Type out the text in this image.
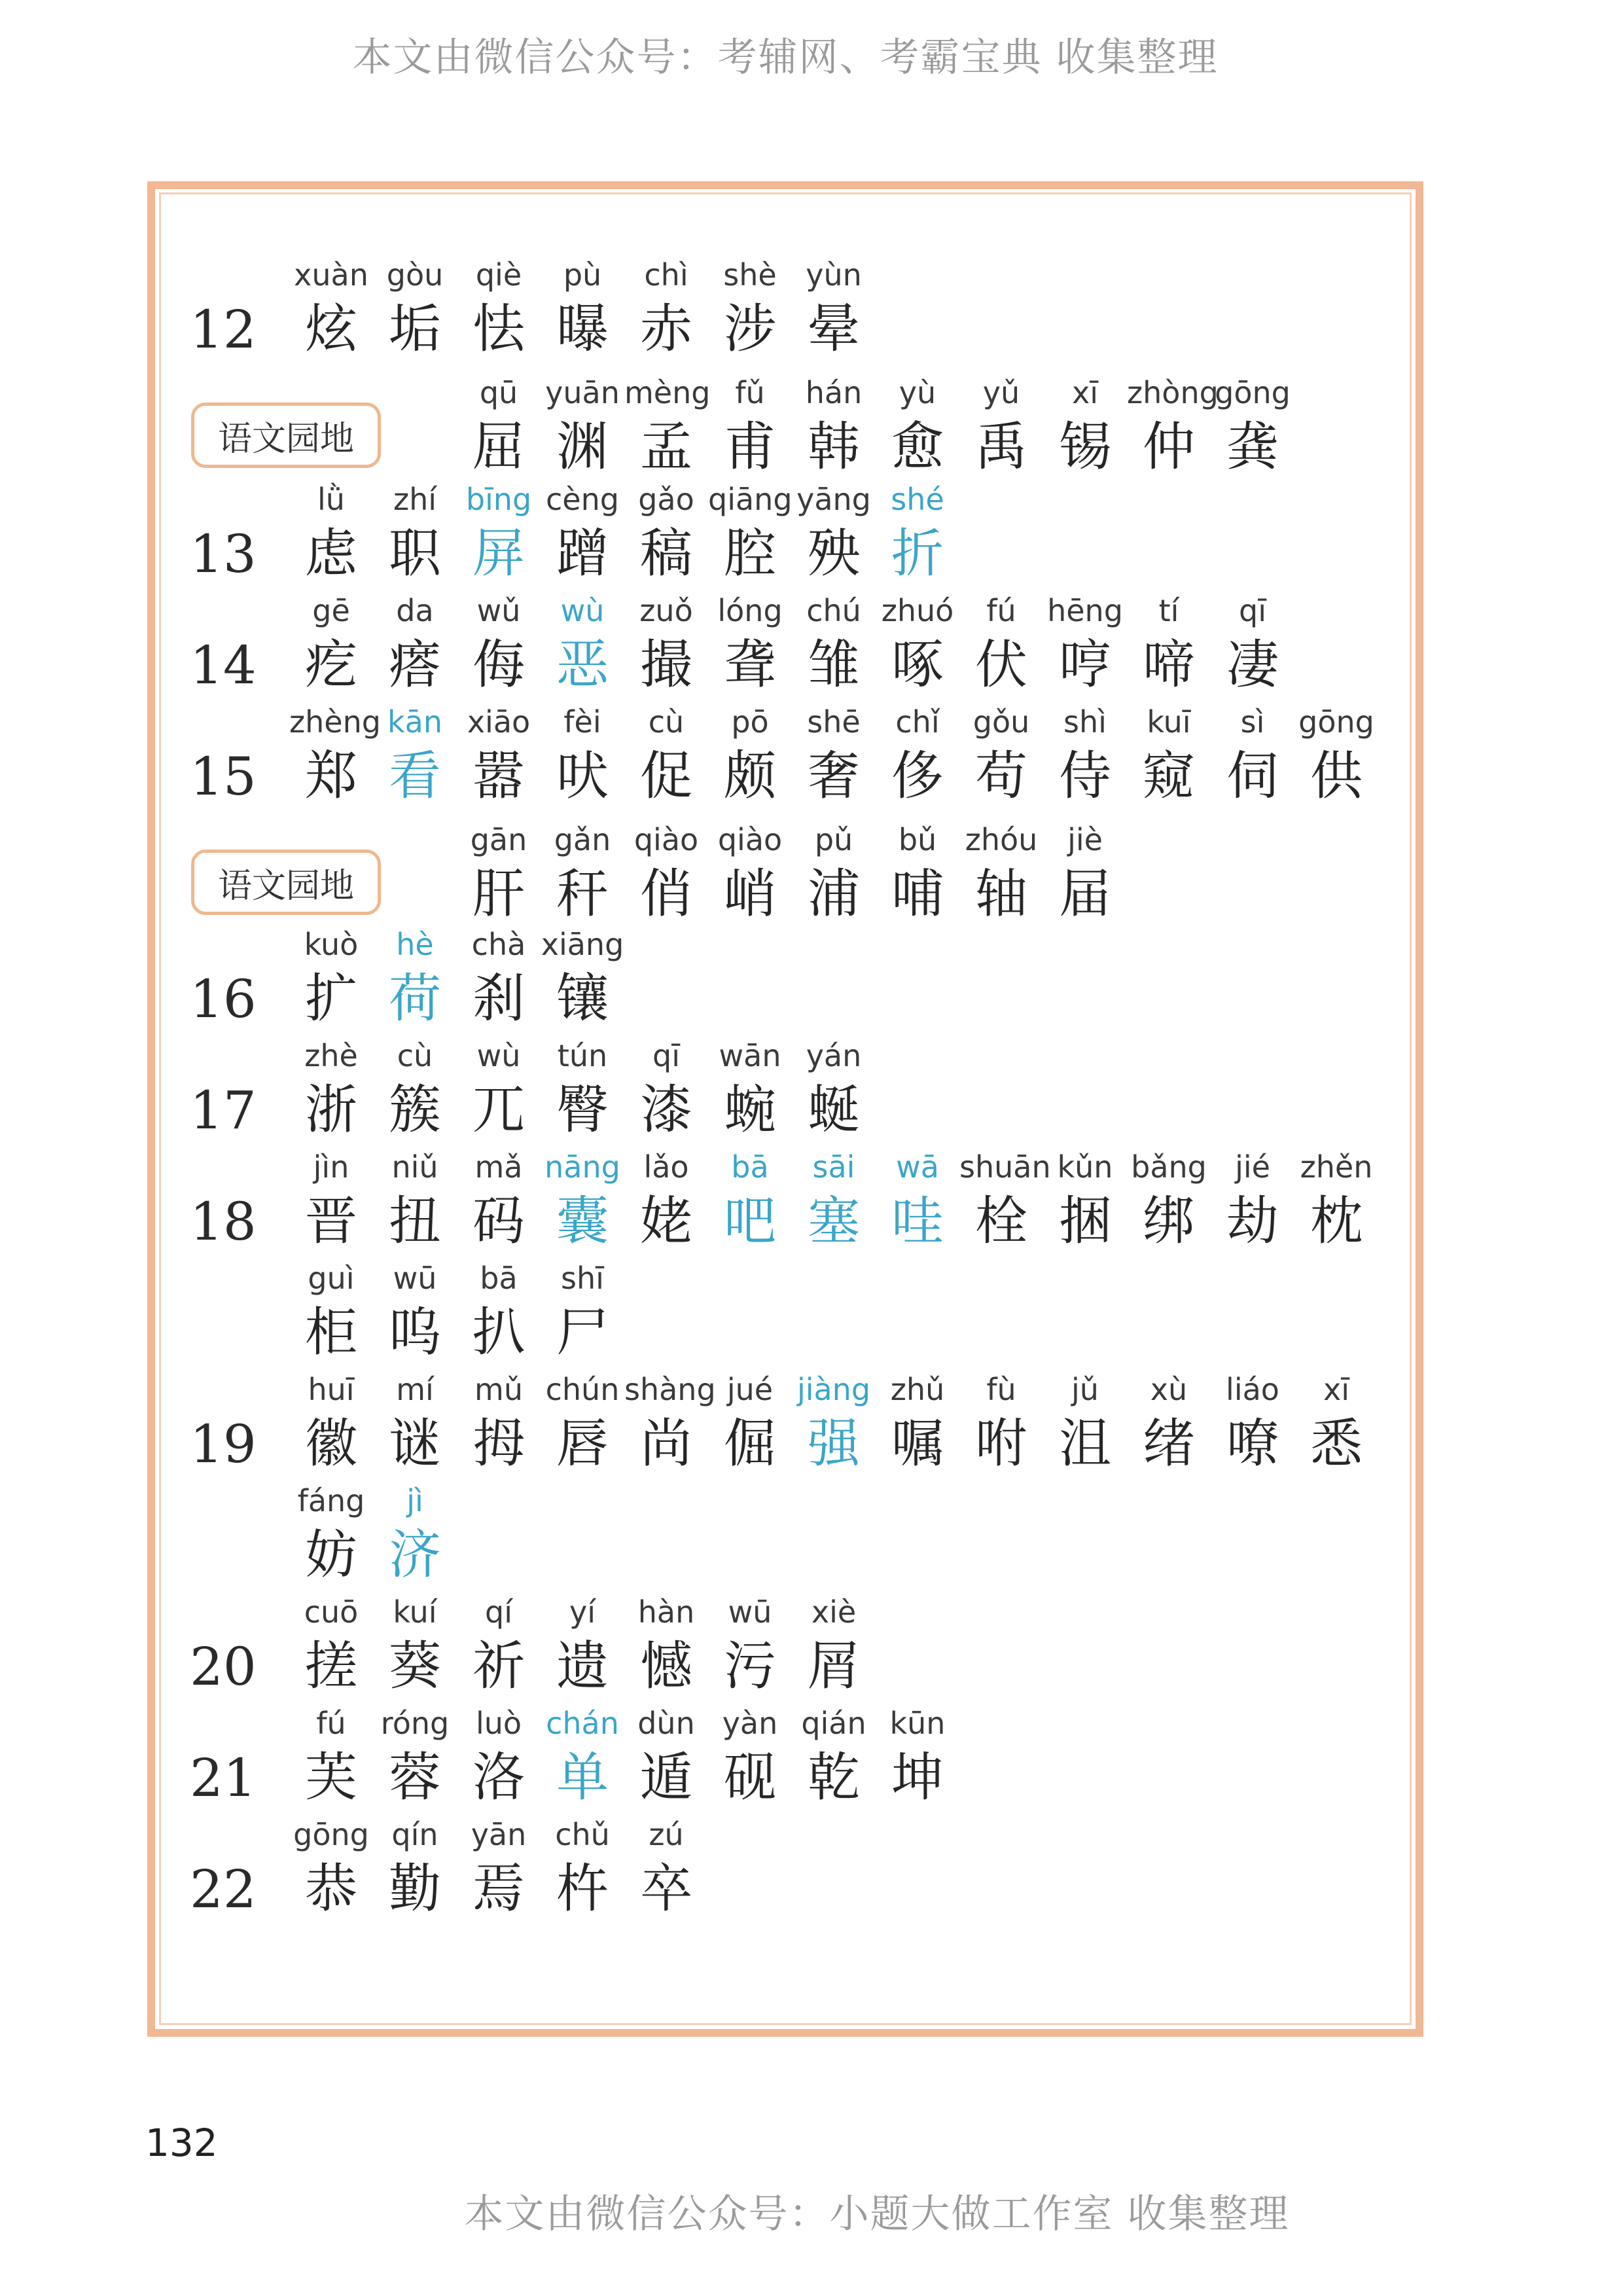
本文由微信公众号：考辅网、考霸宝典 收集整理
12
xuàn
炫
gòu
垢
qiè
怯
pù
曝
chì
赤
shè
涉
yùn
晕
语文园地
qū
屈
yuān
渊
mèng
孟
fǔ
甫
hán
韩
yù
愈
yǔ
禹
xī
锡
zhòng
仲
gōng
龚
13
lǜ
虑
zhí
职
bīng
屏
cèng
蹭
gǎo
稿
qiāng
腔
yāng
殃
shé
折
14
gē
疙
da
瘩
wǔ
侮
wù
恶
zuǒ
撮
lóng
聋
chú
雏
zhuó
啄
fú
伏
hēng
哼
tí
啼
qī
凄
15
zhèng
郑
kān
看
xiāo
嚣
fèi
吠
cù
促
pō
颇
shē
奢
chǐ
侈
gǒu
苟
shì
侍
kuī
窥
sì
伺
gōng
供
语文园地
gān
肝
gǎn
秆
qiào
俏
qiào
峭
pǔ
浦
bǔ
哺
zhóu
轴
jiè
届
16
kuò
扩
hè
荷
chà
刹
xiāng
镶
17
zhè
浙
cù
簇
wù
兀
tún
臀
qī
漆
wān
蜿
yán
蜒
18
jìn
晋
niǔ
扭
mǎ
码
nāng
囊
lǎo
姥
bā
吧
sāi
塞
wā
哇
shuān
栓
kǔn
捆
bǎng
绑
jié
劫
zhěn
枕
guì
柜
wū
呜
bā
扒
shī
尸
19
huī
徽
mí
谜
mǔ
拇
chún
唇
shàng
尚
jué
倔
jiàng
强
zhǔ
嘱
fù
咐
jǔ
沮
xù
绪
liáo
嘹
xī
悉
fáng
妨
jì
济
20
cuō
搓
kuí
葵
qí
祈
yí
遗
hàn
憾
wū
污
xiè
屑
21
fú
芙
róng
蓉
luò
洛
chán
单
dùn
遁
yàn
砚
qián
乾
kūn
坤
22
gōng
恭
qín
勤
yān
焉
chǔ
杵
zú
卒
132
本文由微信公众号：小题大做工作室 收集整理
